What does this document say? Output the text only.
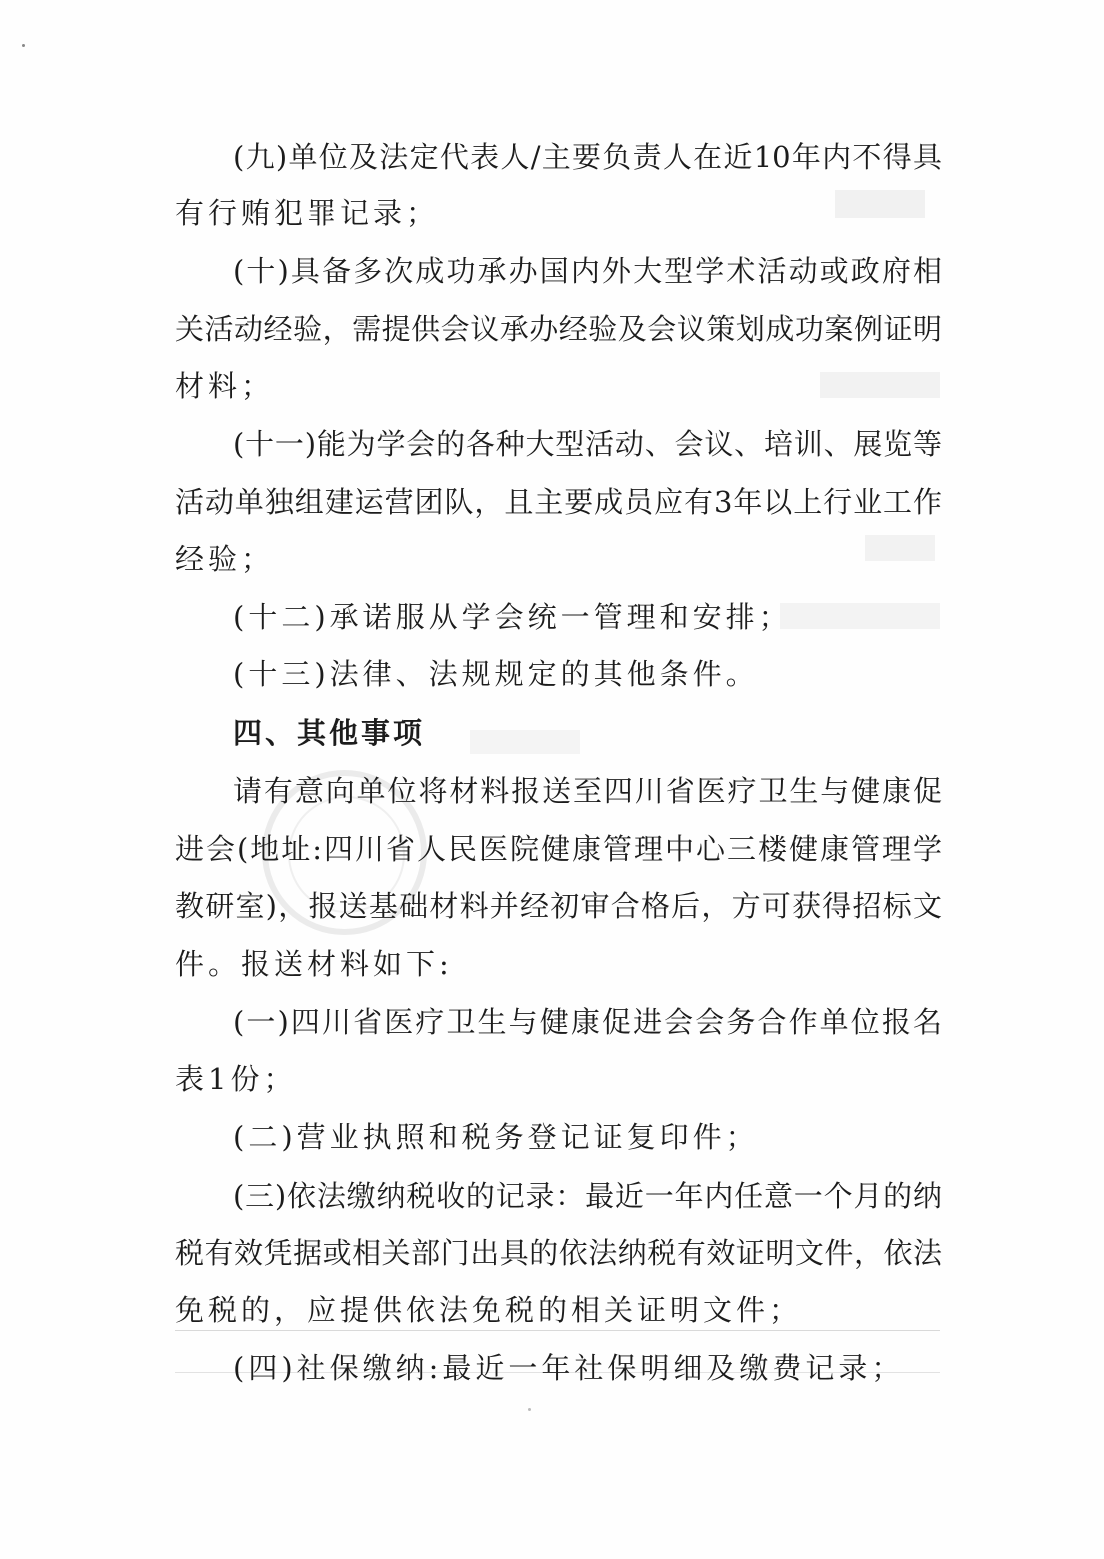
(九)单位及法定代表人/主要负责人在近10年内不得具
有行贿犯罪记录；
(十)具备多次成功承办国内外大型学术活动或政府相
关活动经验，需提供会议承办经验及会议策划成功案例证明
材料；
(十一)能为学会的各种大型活动、会议、培训、展览等
活动单独组建运营团队，且主要成员应有3年以上行业工作
经验；
(十二)承诺服从学会统一管理和安排；
(十三)法律、法规规定的其他条件。
四、其他事项
请有意向单位将材料报送至四川省医疗卫生与健康促
进会(地址:四川省人民医院健康管理中心三楼健康管理学
教研室)，报送基础材料并经初审合格后，方可获得招标文
件。报送材料如下:
(一)四川省医疗卫生与健康促进会会务合作单位报名
表1份；
(二)营业执照和税务登记证复印件；
(三)依法缴纳税收的记录：最近一年内任意一个月的纳
税有效凭据或相关部门出具的依法纳税有效证明文件，依法
免税的，应提供依法免税的相关证明文件；
(四)社保缴纳:最近一年社保明细及缴费记录；
